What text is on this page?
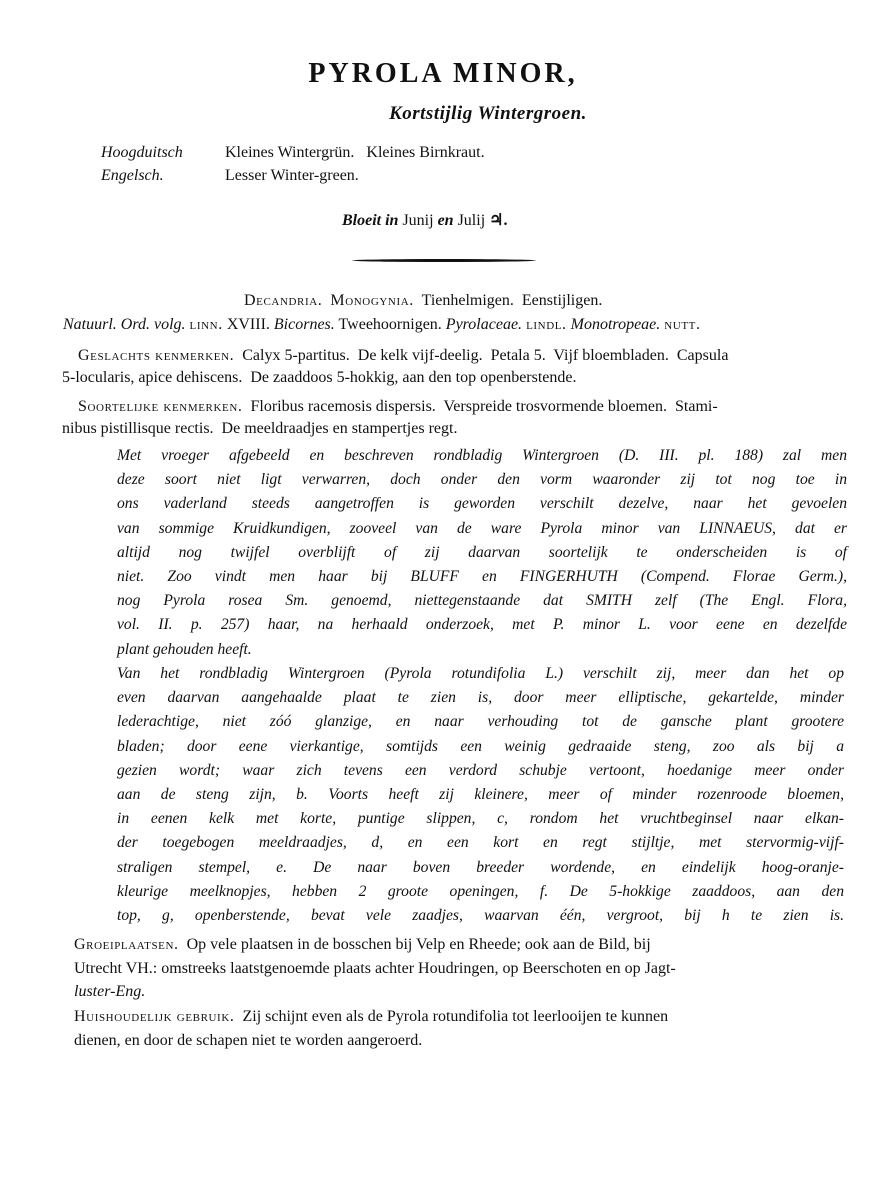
PYROLA MINOR,
Kortstijlig Wintergroen.
Hoogduitsch	Kleines Wintergrün.   Kleines Birnkraut.
Engelsch.	Lesser Winter-green.
Bloeit in Junij en Julij ♃.
Decandria. Monogynia. Tienhelmigen.  Eenstijligen.
Natuurl. Ord. volg. linn. XVIII. Bicornes. Tweehoornigen. Pyrolaceae. lindl. Monotropeae. nutt.
Geslachts kenmerken. Calyx 5-partitus.  De kelk vijf-deelig.  Petala 5.  Vijf bloembladen.  Capsula
5-locularis, apice dehiscens.  De zaaddoos 5-hokkig, aan den top openberstende.
Soortelijke kenmerken. Floribus racemosis dispersis.  Verspreide trosvormende bloemen.  Stami-
nibus pistillisque rectis.  De meeldraadjes en stampertjes regt.
Met vroeger afgebeeld en beschreven rondbladig Wintergroen (D. III. pl. 188) zal men
deze soort niet ligt verwarren, doch onder den vorm waaronder zij tot nog toe in
ons vaderland steeds aangetroffen is geworden verschilt dezelve, naar het gevoelen
van sommige Kruidkundigen, zooveel van de ware Pyrola minor van LINNAEUS, dat er
altijd nog twijfel overblijft of zij daarvan soortelijk te onderscheiden is of
niet. Zoo vindt men haar bij BLUFF en FINGERHUTH (Compend. Florae Germ.),
nog Pyrola rosea Sm. genoemd, niettegenstaande dat SMITH zelf (The Engl. Flora,
vol. II. p. 257) haar, na herhaald onderzoek, met P. minor L. voor eene en dezelfde
plant gehouden heeft.
Van het rondbladig Wintergroen (Pyrola rotundifolia L.) verschilt zij, meer dan het op
even daarvan aangehaalde plaat te zien is, door meer elliptische, gekartelde, minder
lederachtige, niet zóó glanzige, en naar verhouding tot de gansche plant grootere
bladen; door eene vierkantige, somtijds een weinig gedraaide steng, zoo als bij a
gezien wordt; waar zich tevens een verdord schubje vertoont, hoedanige meer onder
aan de steng zijn, b. Voorts heeft zij kleinere, meer of minder rozenroode bloemen,
in eenen kelk met korte, puntige slippen, c, rondom het vruchtbeginsel naar elkan-
der toegebogen meeldraadjes, d, en een kort en regt stijltje, met stervormig-vijf-
straligen stempel, e. De naar boven breeder wordende, en eindelijk hoog-oranje-
kleurige meelknopjes, hebben 2 groote openingen, f. De 5-hokkige zaaddoos, aan den
top, g, openberstende, bevat vele zaadjes, waarvan één, vergroot, bij h te zien is.
Groeiplaatsen. Op vele plaatsen in de bosschen bij Velp en Rheede; ook aan de Bild, bij
Utrecht VH.: omstreeks laatstgenoemde plaats achter Houdringen, op Beerschoten en op Jagt-
luster-Eng.
Huishoudelijk gebruik. Zij schijnt even als de Pyrola rotundifolia tot leerlooijen te kunnen
dienen, en door de schapen niet te worden aangeroerd.
